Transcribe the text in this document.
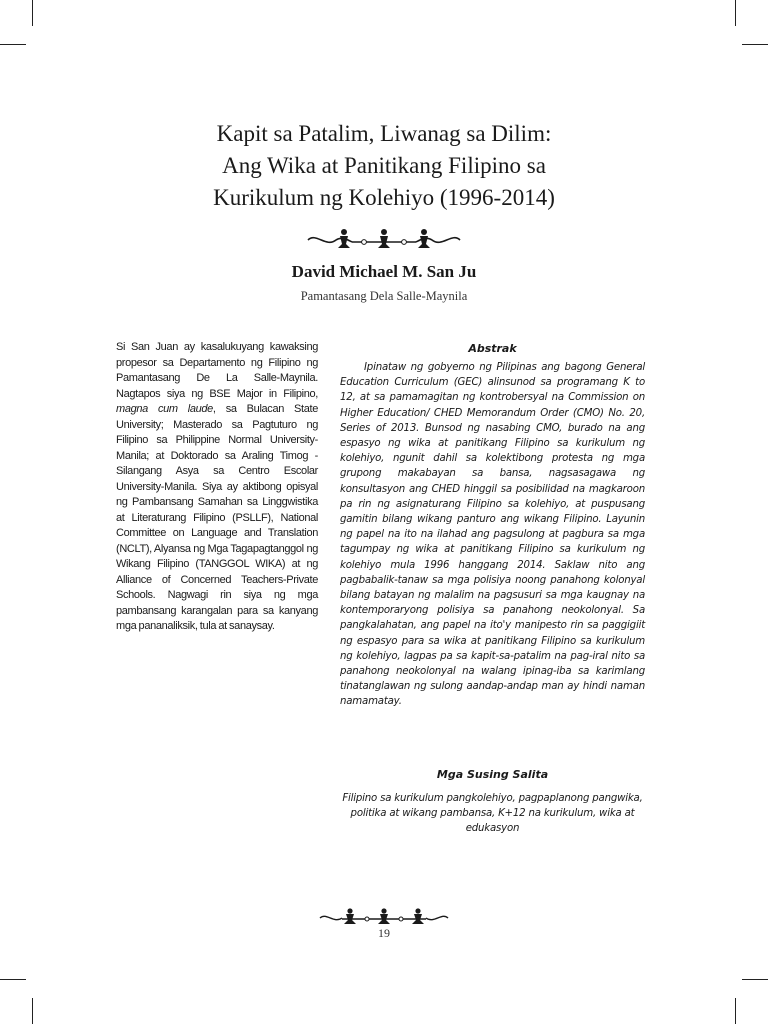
Kapit sa Patalim, Liwanag sa Dilim:
Ang Wika at Panitikang Filipino sa
Kurikulum ng Kolehiyo (1996-2014)
David Michael M. San Ju
Pamantasang Dela Salle-Maynila
Si San Juan ay kasalukuyang kawaksing propesor sa Departamento ng Filipino ng Pamantasang De La Salle-Maynila. Nagtapos siya ng BSE Major in Filipino, magna cum laude, sa Bulacan State University; Masterado sa Pagtuturo ng Filipino sa Philippine Normal University-Manila; at Doktorado sa Araling Timog -Silangang Asya sa Centro Escolar University-Manila. Siya ay aktibong opisyal ng Pambansang Samahan sa Linggwistika at Literaturang Filipino (PSLLF), National Committee on Language and Translation (NCLT), Alyansa ng Mga Tagapagtanggol ng Wikang Filipino (TANGGOL WIKA) at ng Alliance of Concerned Teachers-Private Schools. Nagwagi rin siya ng mga pambansang karangalan para sa kanyang mga pananaliksik, tula at sanaysay.
Abstrak
Ipinataw ng gobyerno ng Pilipinas ang bagong General Education Curriculum (GEC) alinsunod sa programang K to 12, at sa pamamagitan ng kontrobersyal na Commission on Higher Education/ CHED Memorandum Order (CMO) No. 20, Series of 2013. Bunsod ng nasabing CMO, burado na ang espasyo ng wika at panitikang Filipino sa kurikulum ng kolehiyo, ngunit dahil sa kolektibong protesta ng mga grupong makabayan sa bansa, nagsasagawa ng konsultasyon ang CHED hinggil sa posibilidad na magkaroon pa rin ng asignaturang Filipino sa kolehiyo, at puspusang gamitin bilang wikang panturo ang wikang Filipino. Layunin ng papel na ito na ilahad ang pagsulong at pagbura sa mga tagumpay ng wika at panitikang Filipino sa kurikulum ng kolehiyo mula 1996 hanggang 2014. Saklaw nito ang pagbabalik-tanaw sa mga polisiya noong panahong kolonyal bilang batayan ng malalim na pagsusuri sa mga kaugnay na kontemporaryong polisiya sa panahong neokolonyal. Sa pangkalahatan, ang papel na ito'y manipesto rin sa paggigiit ng espasyo para sa wika at panitikang Filipino sa kurikulum ng kolehiyo, lagpas pa sa kapit-sa-patalim na pag-iral nito sa panahong neokolonyal na walang ipinag-iba sa karimlang tinatanglawan ng sulong aandap-andap man ay hindi naman namamatay.
Mga Susing Salita
Filipino sa kurikulum pangkolehiyo, pagpaplanong pangwika, politika at wikang pambansa, K+12 na kurikulum, wika at edukasyon
19
